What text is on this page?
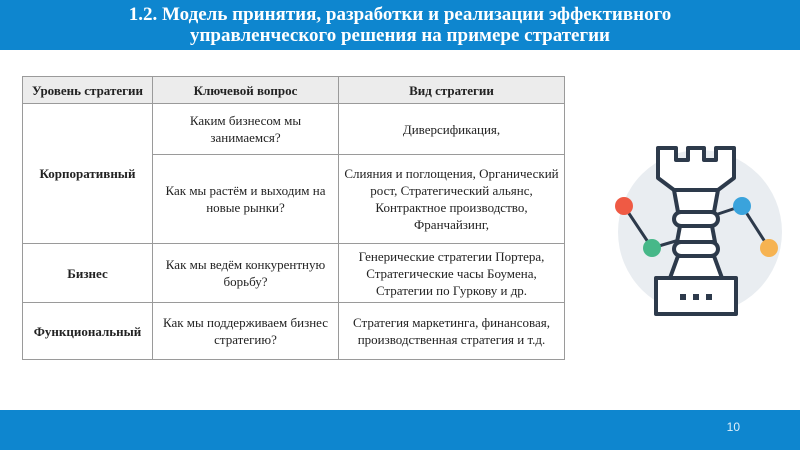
1.2. Модель принятия, разработки и реализации эффективного
управленческого решения на примере стратегии
Уровень стратегии	Ключевой вопрос	Вид стратегии
Корпоративный	Каким бизнесом мы занимаемся?	Диверсификация,
	Как мы растём и выходим на новые рынки?	Слияния и поглощения, Органический рост, Стратегический альянс, Контрактное производство, Франчайзинг,
Бизнес	Как мы ведём конкурентную борьбу?	Генерические стратегии Портера, Стратегические часы Боумена, Стратегии по Гуркову и др.
Функциональный	Как мы поддерживаем бизнес стратегию?	Стратегия маркетинга, финансовая, производственная стратегия и т.д.
10
